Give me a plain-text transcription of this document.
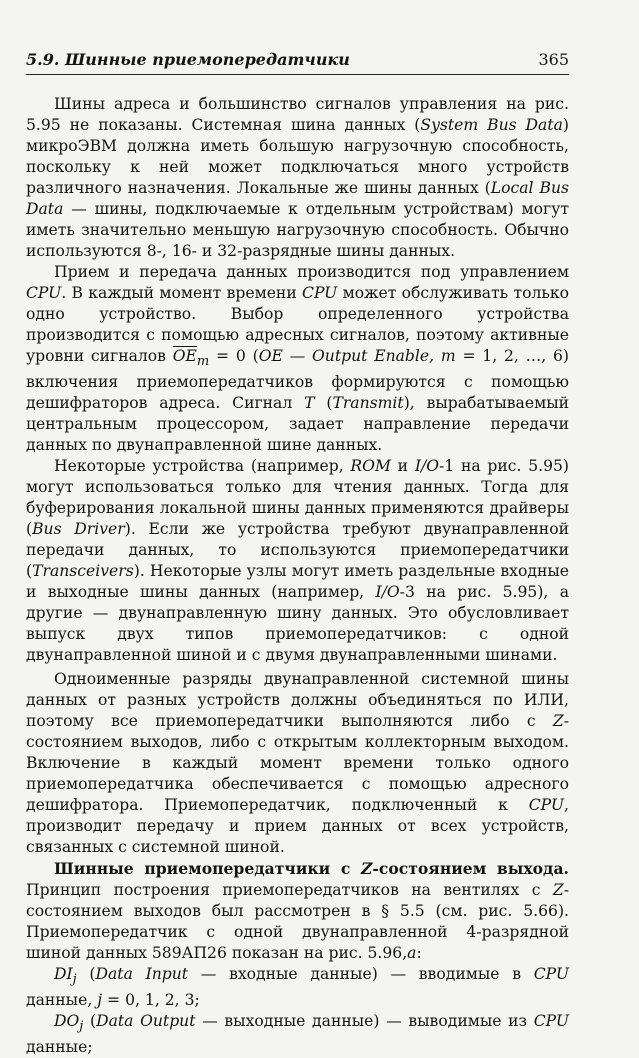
5.9. Шинные приемопередатчики	365

Шины адреса и большинство сигналов управления на рис. 5.95 не показаны. Системная шина данных (System Bus Data) микроЭВМ должна иметь большую нагрузочную способность, поскольку к ней может подключаться много устройств различного назначения. Локальные же шины данных (Local Bus Data — шины, подключаемые к отдельным устройствам) могут иметь значительно меньшую нагрузочную способность. Обычно используются 8-, 16- и 32-разрядные шины данных.

Прием и передача данных производится под управлением CPU. В каждый момент времени CPU может обслуживать только одно устройство. Выбор определенного устройства производится с помощью адресных сигналов, поэтому активные уровни сигналов $\overline{OE}_m = 0$ (OE — Output Enable, m = 1, 2, …, 6) включения приемопередатчиков формируются с помощью дешифраторов адреса. Сигнал T (Transmit), вырабатываемый центральным процессором, задает направление передачи данных по двунаправленной шине данных.

Некоторые устройства (например, ROM и I/O-1 на рис. 5.95) могут использоваться только для чтения данных. Тогда для буферирования локальной шины данных применяются драйверы (Bus Driver). Если же устройства требуют двунаправленной передачи данных, то используются приемопередатчики (Transceivers). Некоторые узлы могут иметь раздельные входные и выходные шины данных (например, I/O-3 на рис. 5.95), а другие — двунаправленную шину данных. Это обусловливает выпуск двух типов приемопередатчиков: с одной двунаправленной шиной и с двумя двунаправленными шинами.

Одноименные разряды двунаправленной системной шины данных от разных устройств должны объединяться по ИЛИ, поэтому все приемопередатчики выполняются либо с Z-состоянием выходов, либо с открытым коллекторным выходом. Включение в каждый момент времени только одного приемопередатчика обеспечивается с помощью адресного дешифратора. Приемопередатчик, подключенный к CPU, производит передачу и прием данных от всех устройств, связанных с системной шиной.

Шинные приемопередатчики с Z-состоянием выхода. Принцип построения приемопередатчиков на вентилях с Z-состоянием выходов был рассмотрен в § 5.5 (см. рис. 5.66). Приемопередатчик с одной двунаправленной 4-разрядной шиной данных 589АП26 показан на рис. 5.96,а:

$DI_j$ (Data Input — входные данные) — вводимые в CPU данные, j = 0, 1, 2, 3;

$DO_j$ (Data Output — выходные данные) — выводимые из CPU данные;
